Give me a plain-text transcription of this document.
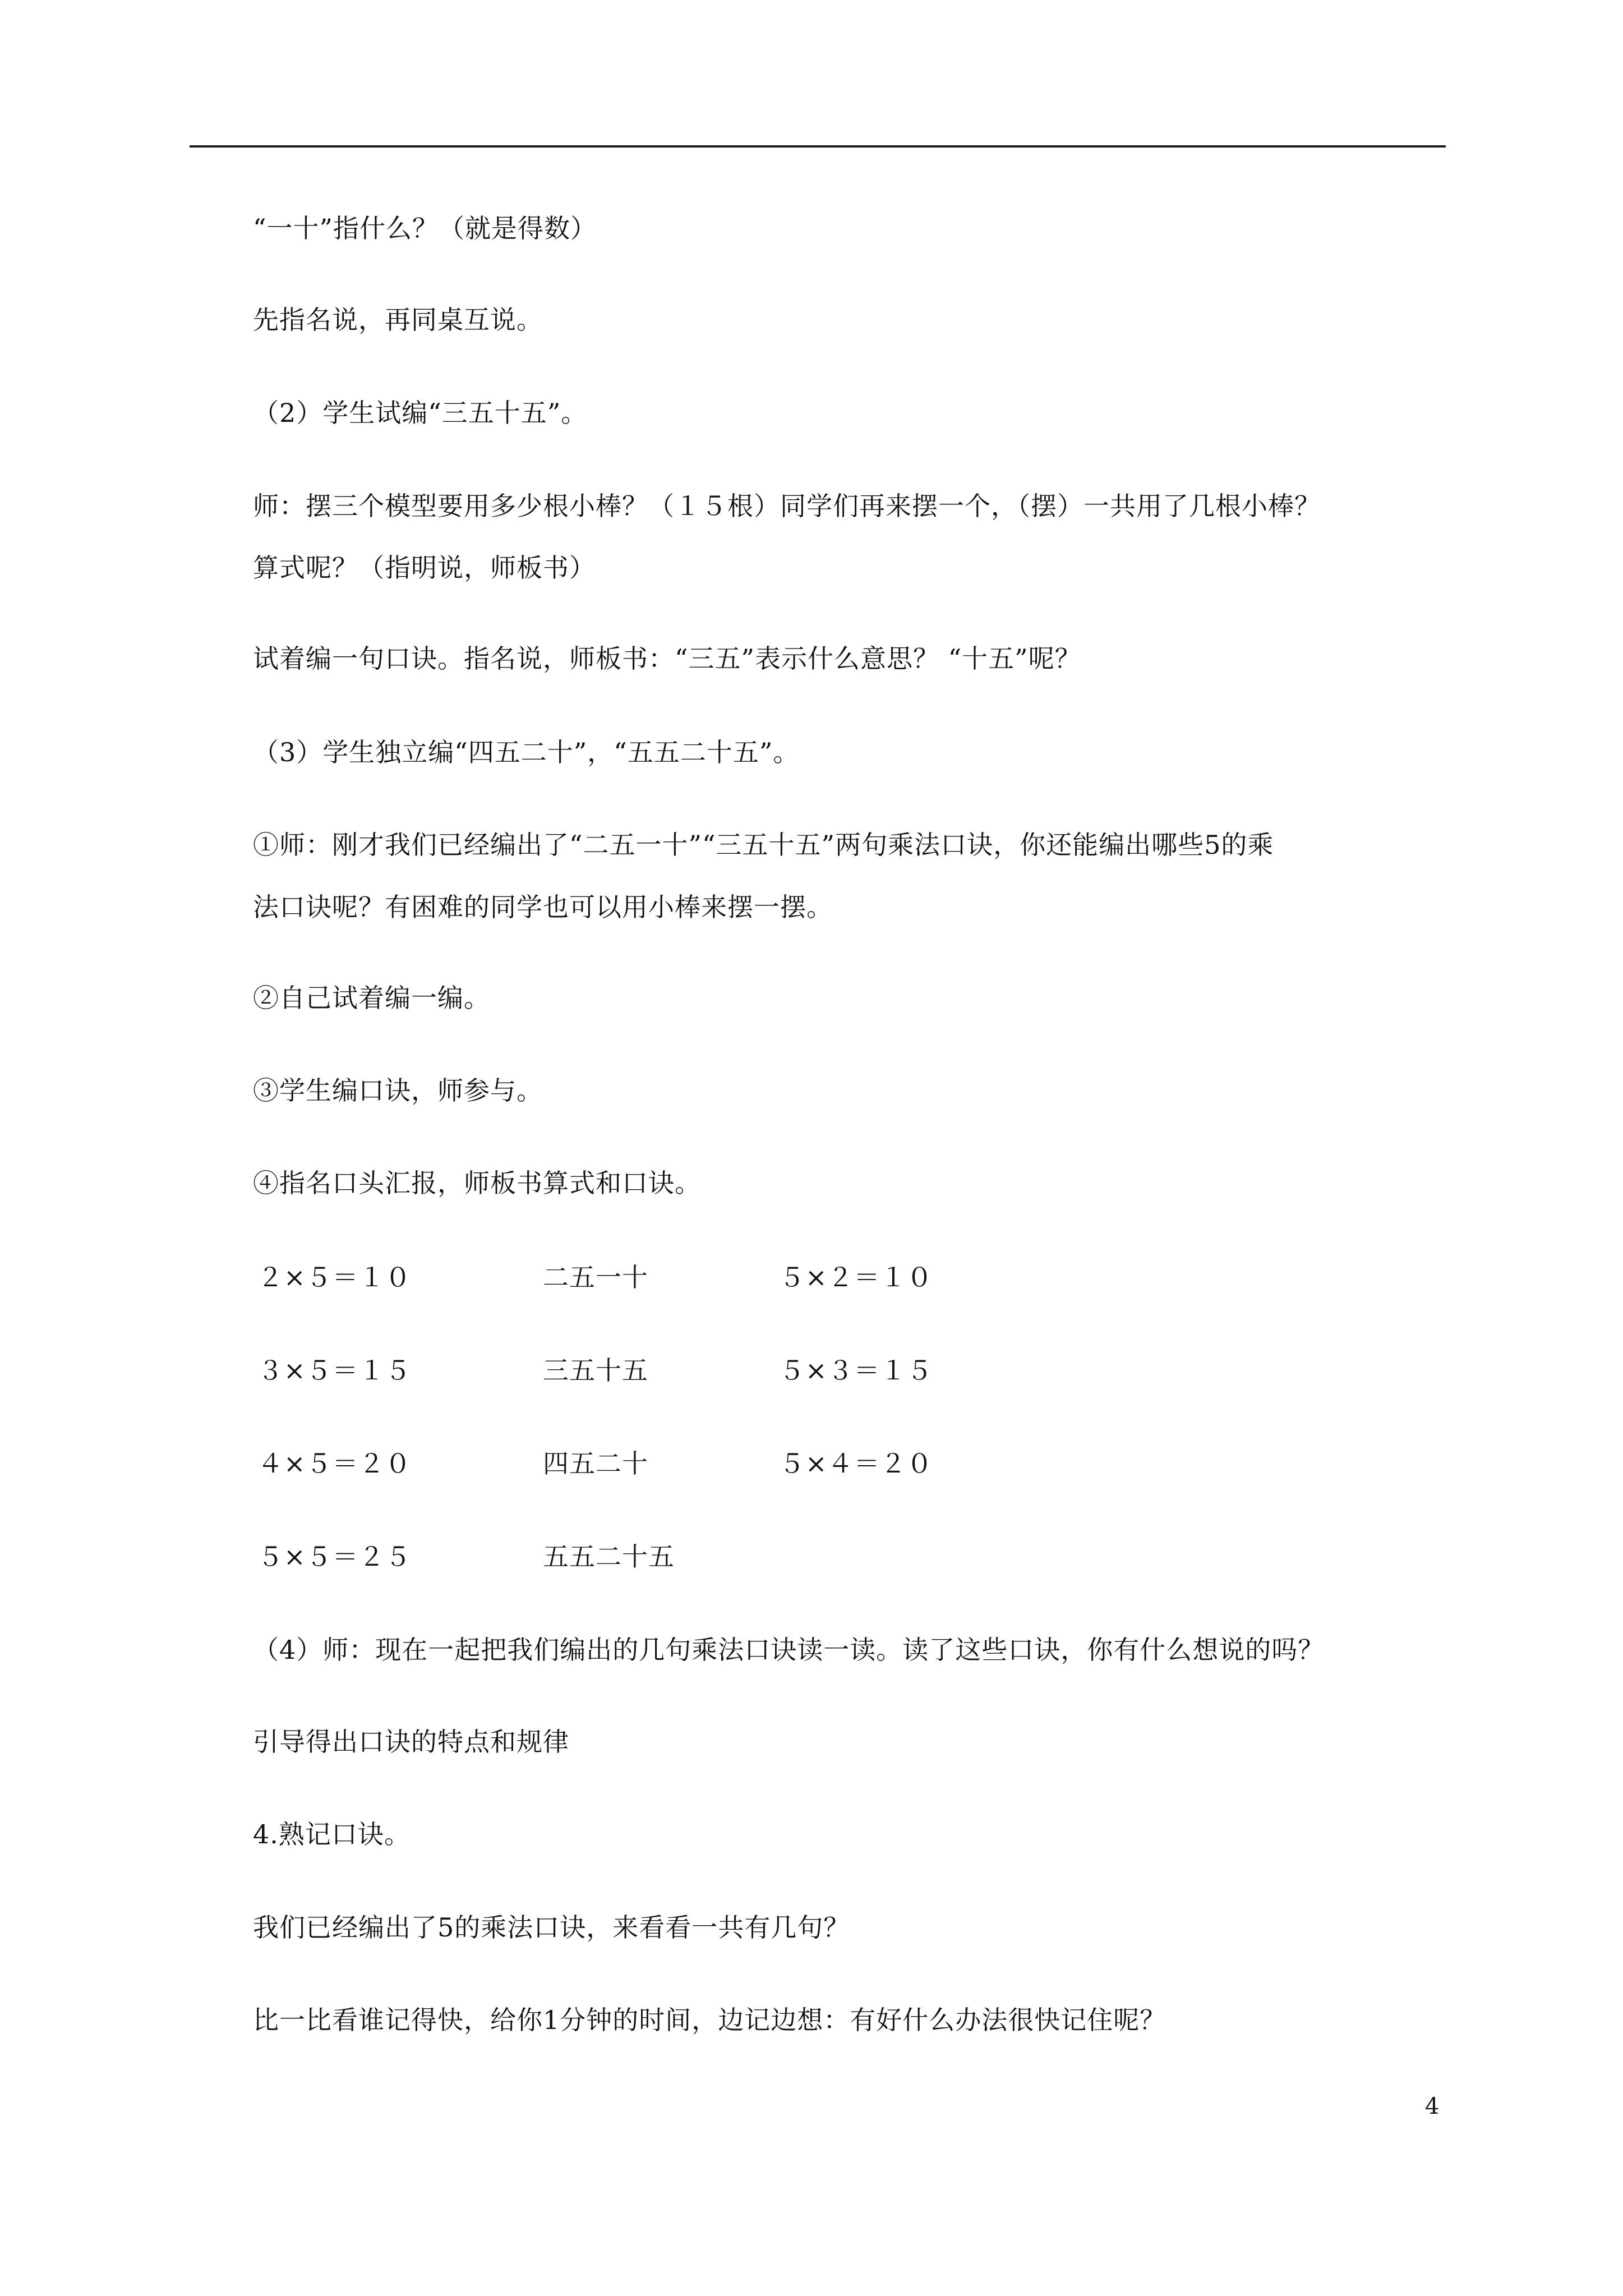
“一十”指什么？（就是得数）
先指名说，再同桌互说。
（2）学生试编“三五十五”。
师：摆三个模型要用多少根小棒？（１５根）同学们再来摆一个，（摆）一共用了几根小棒？
算式呢？（指明说，师板书）
试着编一句口诀。指名说，师板书：“三五”表示什么意思？ “十五”呢？
（3）学生独立编“四五二十”，“五五二十五”。
①师：刚才我们已经编出了“二五一十”“三五十五”两句乘法口诀，你还能编出哪些5的乘
法口诀呢？有困难的同学也可以用小棒来摆一摆。
②自己试着编一编。
③学生编口诀，师参与。
④指名口头汇报，师板书算式和口诀。
２×５＝１０	二五一十	５×２＝１０
３×５＝１５	三五十五	５×３＝１５
４×５＝２０	四五二十	５×４＝２０
５×５＝２５	五五二十五
（4）师：现在一起把我们编出的几句乘法口诀读一读。读了这些口诀，你有什么想说的吗？
引导得出口诀的特点和规律
4.熟记口诀。
我们已经编出了5的乘法口诀，来看看一共有几句？
比一比看谁记得快，给你1分钟的时间，边记边想：有好什么办法很快记住呢？
4
